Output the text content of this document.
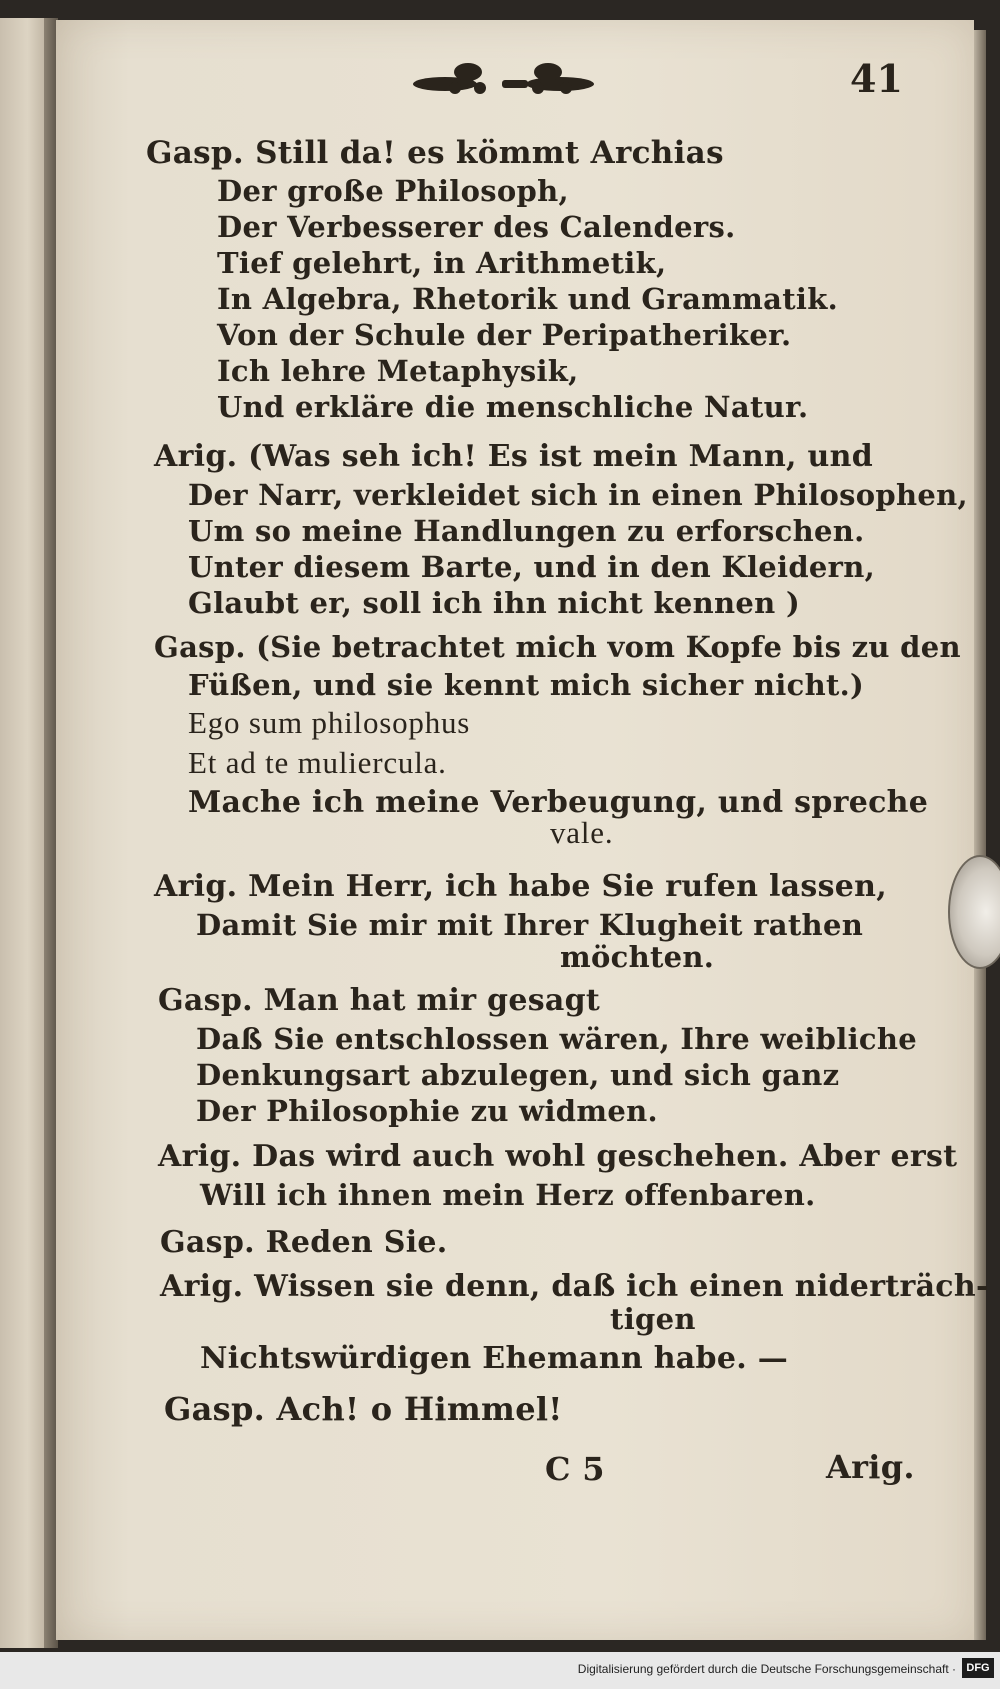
41
Gasp. Still da! es kömmt Archias
Der große Philosoph,
Der Verbesserer des Calenders.
Tief gelehrt, in Arithmetik,
In Algebra, Rhetorik und Grammatik.
Von der Schule der Peripatheriker.
Ich lehre Metaphysik,
Und erkläre die menschliche Natur.
Arig. (Was seh ich! Es ist mein Mann, und
Der Narr, verkleidet sich in einen Philosophen,
Um so meine Handlungen zu erforschen.
Unter diesem Barte, und in den Kleidern,
Glaubt er, soll ich ihn nicht kennen )
Gasp. (Sie betrachtet mich vom Kopfe bis zu den
Füßen, und sie kennt mich sicher nicht.)
Ego sum philosophus
Et ad te muliercula.
Mache ich meine Verbeugung, und spreche
vale.
Arig. Mein Herr, ich habe Sie rufen lassen,
Damit Sie mir mit Ihrer Klugheit rathen
möchten.
Gasp. Man hat mir gesagt
Daß Sie entschlossen wären, Ihre weibliche
Denkungsart abzulegen, und sich ganz
Der Philosophie zu widmen.
Arig. Das wird auch wohl geschehen. Aber erst
Will ich ihnen mein Herz offenbaren.
Gasp. Reden Sie.
Arig. Wissen sie denn, daß ich einen niderträch-
tigen
Nichtswürdigen Ehemann habe. —
Gasp. Ach! o Himmel!
C 5	Arig.
Digitalisierung gefördert durch die Deutsche Forschungsgemeinschaft · DFG
